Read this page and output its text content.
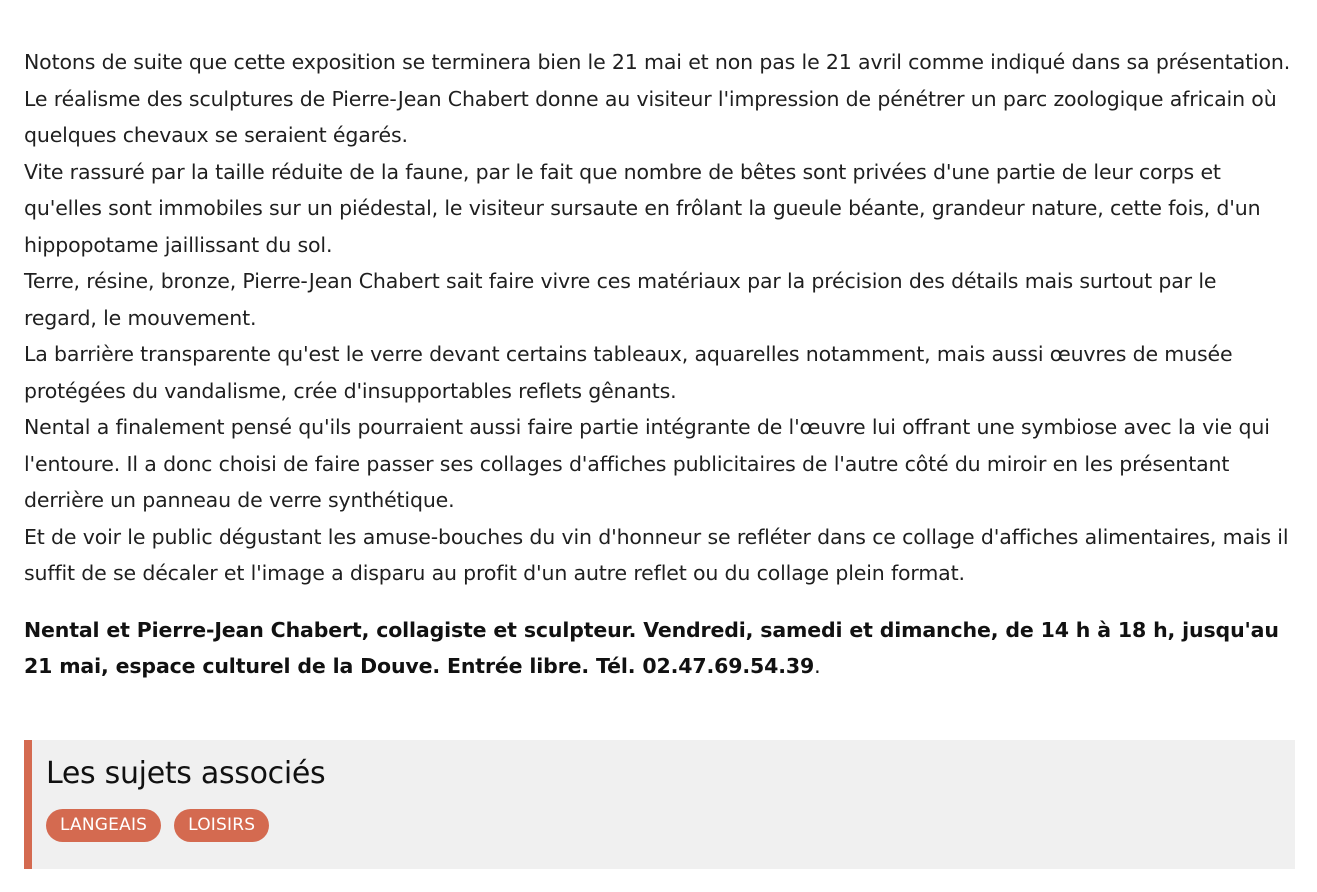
Notons de suite que cette exposition se terminera bien le 21 mai et non pas le 21 avril comme indiqué dans sa présentation.

Le réalisme des sculptures de Pierre-Jean Chabert donne au visiteur l'impression de pénétrer un parc zoologique africain où quelques chevaux se seraient égarés.

Vite rassuré par la taille réduite de la faune, par le fait que nombre de bêtes sont privées d'une partie de leur corps et qu'elles sont immobiles sur un piédestal, le visiteur sursaute en frôlant la gueule béante, grandeur nature, cette fois, d'un hippopotame jaillissant du sol.

Terre, résine, bronze, Pierre-Jean Chabert sait faire vivre ces matériaux par la précision des détails mais surtout par le regard, le mouvement.

La barrière transparente qu'est le verre devant certains tableaux, aquarelles notamment, mais aussi œuvres de musée protégées du vandalisme, crée d'insupportables reflets gênants.

Nental a finalement pensé qu'ils pourraient aussi faire partie intégrante de l'œuvre lui offrant une symbiose avec la vie qui l'entoure. Il a donc choisi de faire passer ses collages d'affiches publicitaires de l'autre côté du miroir en les présentant derrière un panneau de verre synthétique.

Et de voir le public dégustant les amuse-bouches du vin d'honneur se refléter dans ce collage d'affiches alimentaires, mais il suffit de se décaler et l'image a disparu au profit d'un autre reflet ou du collage plein format.

Nental et Pierre-Jean Chabert, collagiste et sculpteur. Vendredi, samedi et dimanche, de 14 h à 18 h, jusqu'au 21 mai, espace culturel de la Douve. Entrée libre. Tél. 02.47.69.54.39.

Les sujets associés
LANGEAIS	LOISIRS
